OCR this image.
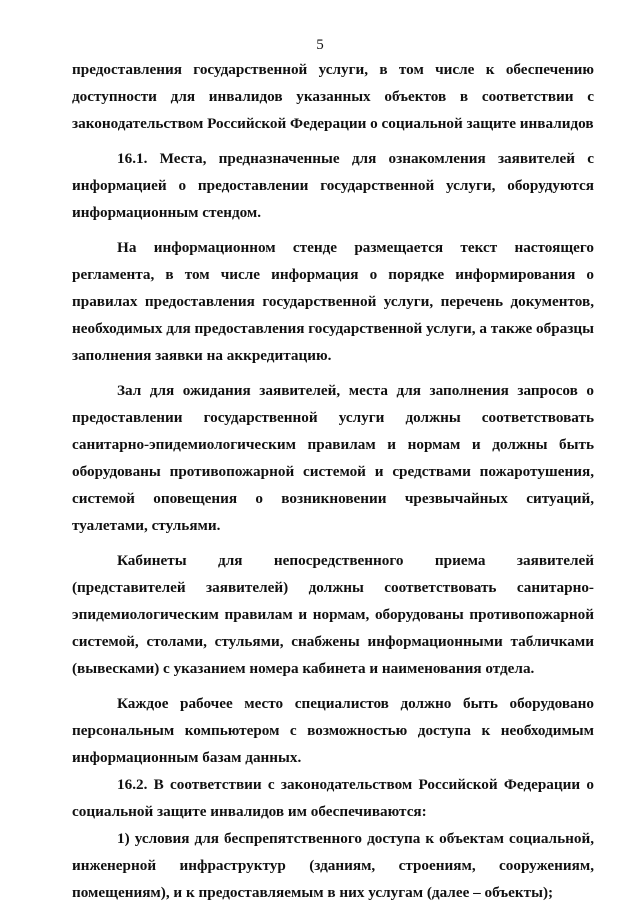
5

предоставления государственной услуги, в том числе к обеспечению доступности для инвалидов указанных объектов в соответствии с законодательством Российской Федерации о социальной защите инвалидов

16.1. Места, предназначенные для ознакомления заявителей с информацией о предоставлении государственной услуги, оборудуются информационным стендом.

На информационном стенде размещается текст настоящего регламента, в том числе информация о порядке информирования о правилах предоставления государственной услуги, перечень документов, необходимых для предоставления государственной услуги, а также образцы заполнения заявки на аккредитацию.

Зал для ожидания заявителей, места для заполнения запросов о предоставлении государственной услуги должны соответствовать санитарно-эпидемиологическим правилам и нормам и должны быть оборудованы противопожарной системой и средствами пожаротушения, системой оповещения о возникновении чрезвычайных ситуаций, туалетами, стульями.

Кабинеты для непосредственного приема заявителей (представителей заявителей) должны соответствовать санитарно-эпидемиологическим правилам и нормам, оборудованы противопожарной системой, столами, стульями, снабжены информационными табличками (вывесками) с указанием номера кабинета и наименования отдела.

Каждое рабочее место специалистов должно быть оборудовано персональным компьютером с возможностью доступа к необходимым информационным базам данных.

16.2. В соответствии с законодательством Российской Федерации о социальной защите инвалидов им обеспечиваются:

1) условия для беспрепятственного доступа к объектам социальной, инженерной инфраструктур (зданиям, строениям, сооружениям, помещениям), и к предоставляемым в них услугам (далее – объекты);
